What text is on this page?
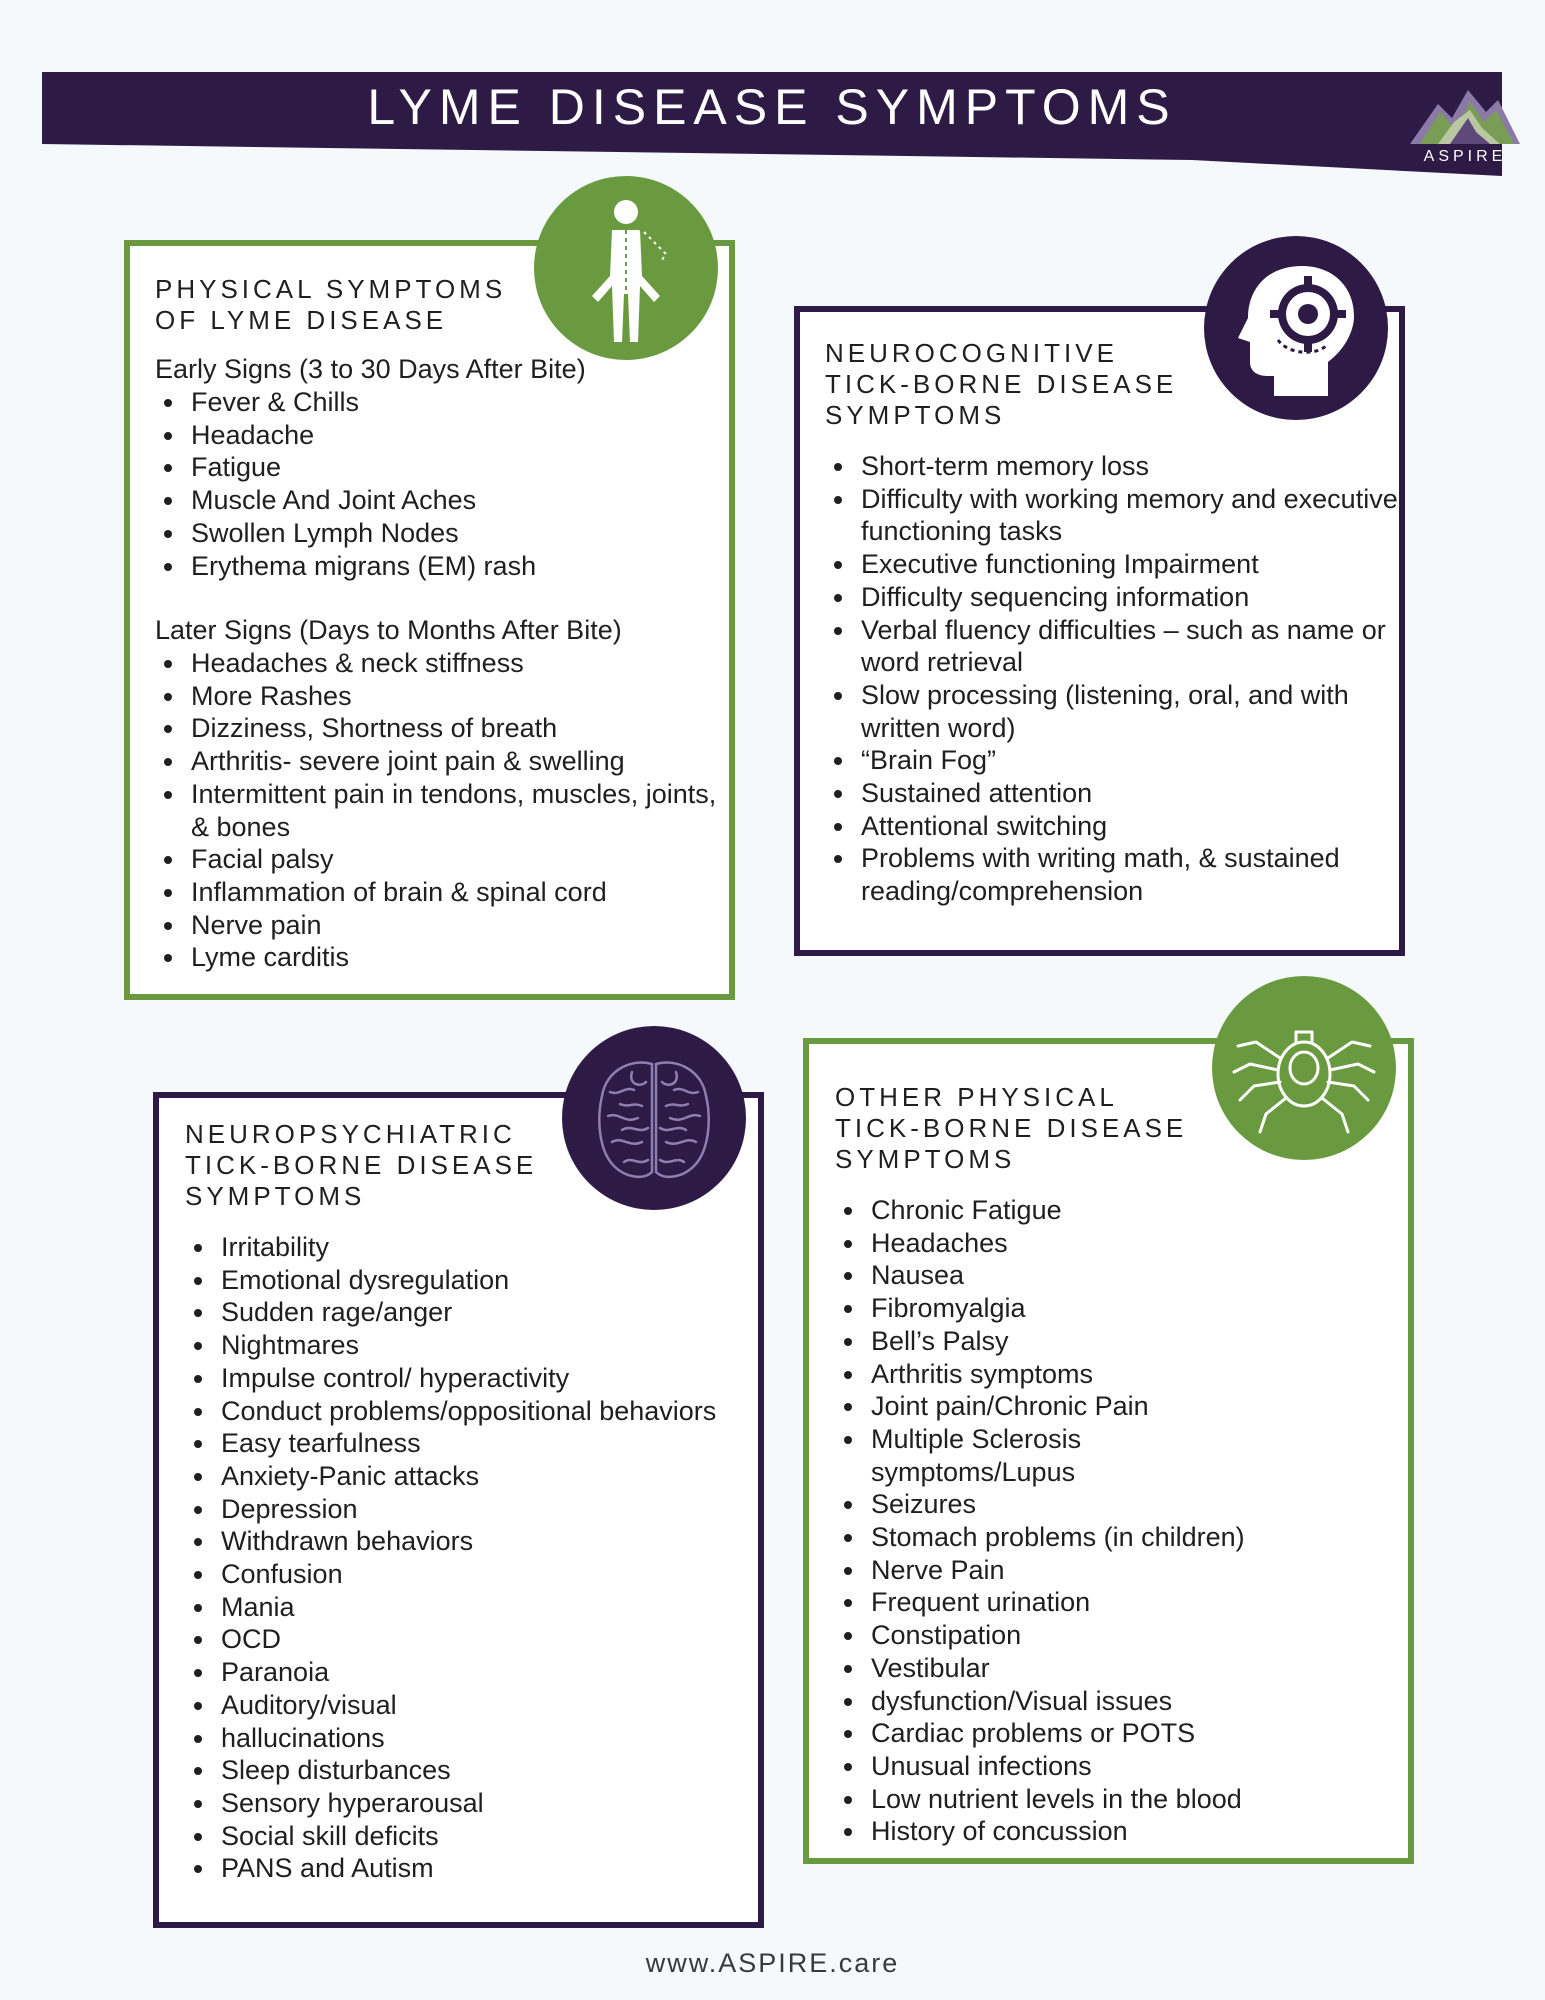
LYME DISEASE SYMPTOMS
ASPIRE
PHYSICAL SYMPTOMS
OF LYME DISEASE
Early Signs (3 to 30 Days After Bite)
Fever & Chills
Headache
Fatigue
Muscle And Joint Aches
Swollen Lymph Nodes
Erythema migrans (EM) rash
Later Signs (Days to Months After Bite)
Headaches & neck stiffness
More Rashes
Dizziness, Shortness of breath
Arthritis- severe joint pain & swelling
Intermittent pain in tendons, muscles, joints, & bones
Facial palsy
Inflammation of brain & spinal cord
Nerve pain
Lyme carditis
NEUROCOGNITIVE
TICK-BORNE DISEASE
SYMPTOMS
Short-term memory loss
Difficulty with working memory and executive functioning tasks
Executive functioning Impairment
Difficulty sequencing information
Verbal fluency difficulties – such as name or word retrieval
Slow processing (listening, oral, and with written word)
“Brain Fog”
Sustained attention
Attentional switching
Problems with writing math, & sustained reading/comprehension
NEUROPSYCHIATRIC
TICK-BORNE DISEASE
SYMPTOMS
Irritability
Emotional dysregulation
Sudden rage/anger
Nightmares
Impulse control/ hyperactivity
Conduct problems/oppositional behaviors
Easy tearfulness
Anxiety-Panic attacks
Depression
Withdrawn behaviors
Confusion
Mania
OCD
Paranoia
Auditory/visual
hallucinations
Sleep disturbances
Sensory hyperarousal
Social skill deficits
PANS and Autism
OTHER PHYSICAL
TICK-BORNE DISEASE
SYMPTOMS
Chronic Fatigue
Headaches
Nausea
Fibromyalgia
Bell’s Palsy
Arthritis symptoms
Joint pain/Chronic Pain
Multiple Sclerosis symptoms/Lupus
Seizures
Stomach problems (in children)
Nerve Pain
Frequent urination
Constipation
Vestibular
dysfunction/Visual issues
Cardiac problems or POTS
Unusual infections
Low nutrient levels in the blood
History of concussion
www.ASPIRE.care
